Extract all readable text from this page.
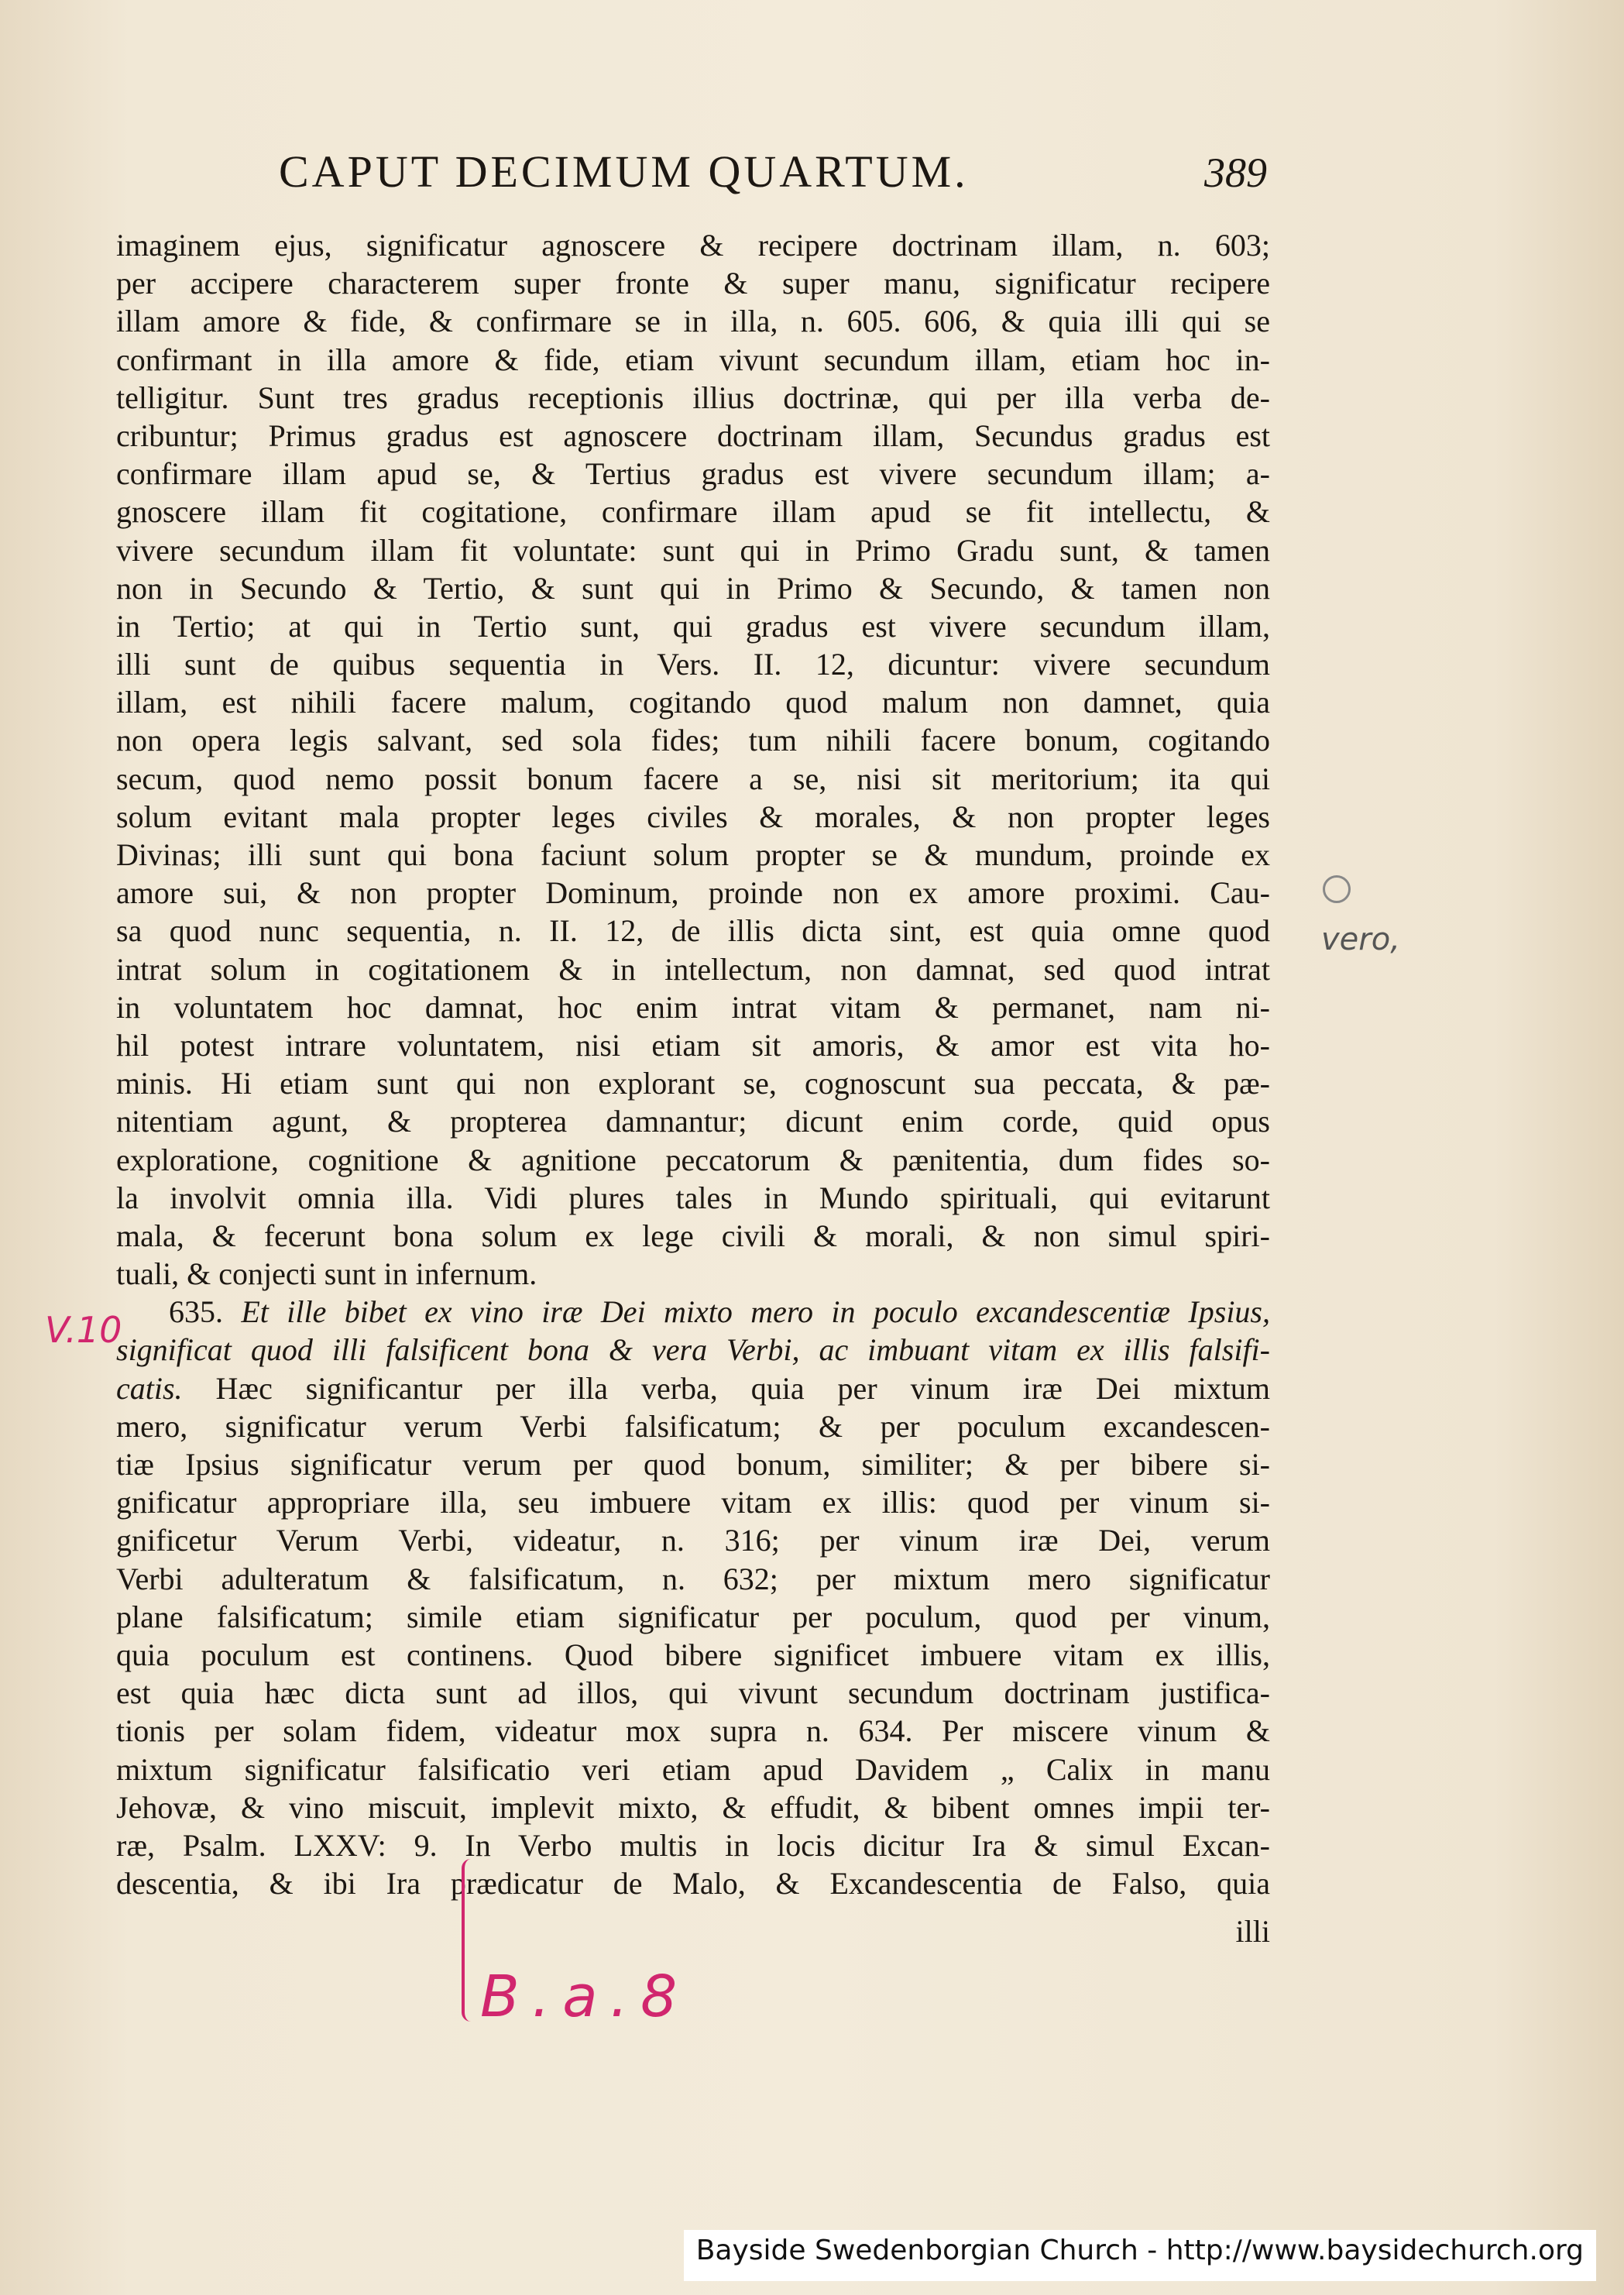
CAPUT DECIMUM QUARTUM.	389
imaginem ejus, significatur agnoscere & recipere doctrinam illam, n. 603;
per accipere characterem super fronte & super manu, significatur recipere
illam amore & fide, & confirmare se in illa, n. 605. 606, & quia illi qui se
confirmant in illa amore & fide, etiam vivunt secundum illam, etiam hoc in-
telligitur. Sunt tres gradus receptionis illius doctrinæ, qui per illa verba de-
cribuntur; Primus gradus est agnoscere doctrinam illam, Secundus gradus est
confirmare illam apud se, & Tertius gradus est vivere secundum illam; a-
gnoscere illam fit cogitatione, confirmare illam apud se fit intellectu, &
vivere secundum illam fit voluntate: sunt qui in Primo Gradu sunt, & tamen
non in Secundo & Tertio, & sunt qui in Primo & Secundo, & tamen non
in Tertio; at qui in Tertio sunt, qui gradus est vivere secundum illam,
illi sunt de quibus sequentia in Vers. II. 12, dicuntur: vivere secundum
illam, est nihili facere malum, cogitando quod malum non damnet, quia
non opera legis salvant, sed sola fides; tum nihili facere bonum, cogitando
secum, quod nemo possit bonum facere a se, nisi sit meritorium; ita qui
solum evitant mala propter leges civiles & morales, & non propter leges
Divinas; illi sunt qui bona faciunt solum propter se & mundum, proinde ex
amore sui, & non propter Dominum, proinde non ex amore proximi. Cau-
sa quod nunc sequentia, n. II. 12, de illis dicta sint, est quia omne quod
intrat solum in cogitationem & in intellectum, non damnat, sed quod intrat
in voluntatem hoc damnat, hoc enim intrat vitam & permanet, nam ni-
hil potest intrare voluntatem, nisi etiam sit amoris, & amor est vita ho-
minis. Hi etiam sunt qui non explorant se, cognoscunt sua peccata, & pæ-
nitentiam agunt, & propterea damnantur; dicunt enim corde, quid opus
exploratione, cognitione & agnitione peccatorum & pænitentia, dum fides so-
la involvit omnia illa. Vidi plures tales in Mundo spirituali, qui evitarunt
mala, & fecerunt bona solum ex lege civili & morali, & non simul spiri-
tuali, & conjecti sunt in infernum.
635. Et ille bibet ex vino iræ Dei mixto mero in poculo excandescentiæ Ipsius,
significat quod illi falsificent bona & vera Verbi, ac imbuant vitam ex illis falsifi-
catis. Hæc significantur per illa verba, quia per vinum iræ Dei mixtum
mero, significatur verum Verbi falsificatum; & per poculum excandescen-
tiæ Ipsius significatur verum per quod bonum, similiter; & per bibere si-
gnificatur appropriare illa, seu imbuere vitam ex illis: quod per vinum si-
gnificetur Verum Verbi, videatur, n. 316; per vinum iræ Dei, verum
Verbi adulteratum & falsificatum, n. 632; per mixtum mero significatur
plane falsificatum; simile etiam significatur per poculum, quod per vinum,
quia poculum est continens. Quod bibere significet imbuere vitam ex illis,
est quia hæc dicta sunt ad illos, qui vivunt secundum doctrinam justifica-
tionis per solam fidem, videatur mox supra n. 634. Per miscere vinum &
mixtum significatur falsificatio veri etiam apud Davidem „ Calix in manu
Jehovæ, & vino miscuit, implevit mixto, & effudit, & bibent omnes impii ter-
ræ, Psalm. LXXV: 9. In Verbo multis in locis dicitur Ira & simul Excan-
descentia, & ibi Ira prædicatur de Malo, & Excandescentia de Falso, quia
illi
V.10
vero,
B.a.8
Bayside Swedenborgian Church - http://www.baysidechurch.org
